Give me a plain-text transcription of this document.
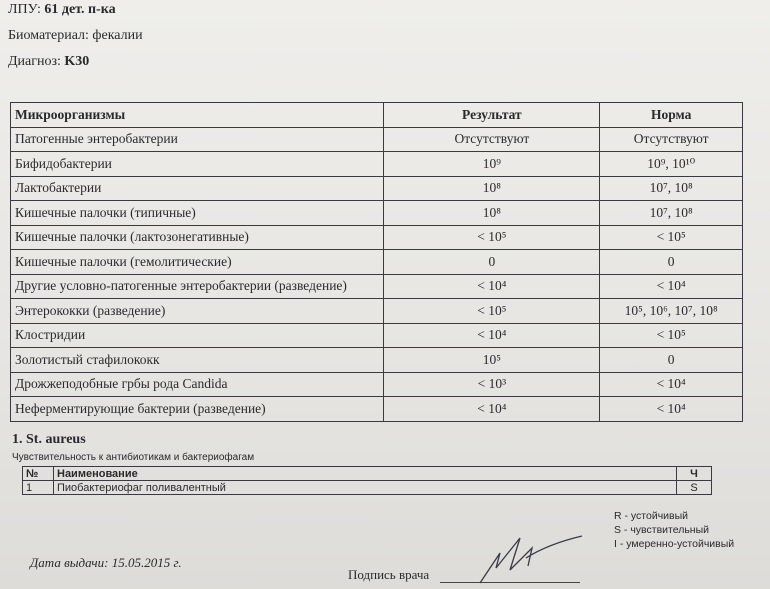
ЛПУ: 61 дет. п-ка
Биоматериал: фекалии
Диагноз: K30
Микроорганизмы	Результат	Норма
Патогенные энтеробактерии	Отсутствуют	Отсутствуют
Бифидобактерии	10⁹	10⁹, 10¹⁰
Лактобактерии	10⁸	10⁷, 10⁸
Кишечные палочки (типичные)	10⁸	10⁷, 10⁸
Кишечные палочки (лактозонегативные)	< 10⁵	< 10⁵
Кишечные палочки (гемолитические)	0	0
Другие условно-патогенные энтеробактерии (разведение)	< 10⁴	< 10⁴
Энтерококки (разведение)	< 10⁵	10⁵, 10⁶, 10⁷, 10⁸
Клостридии	< 10⁴	< 10⁵
Золотистый стафилококк	10⁵	0
Дрожжеподобные грбы рода Candida	< 10³	< 10⁴
Неферментирующие бактерии (разведение)	< 10⁴	< 10⁴
1. St. aureus
Чувствительность к антибиотикам и бактериофагам
№	Наименование	Ч
1	Пиобактериофаг поливалентный	S
R - устойчивый
S - чувствительный
I - умеренно-устойчивый
Дата выдачи: 15.05.2015 г.
Подпись врача
